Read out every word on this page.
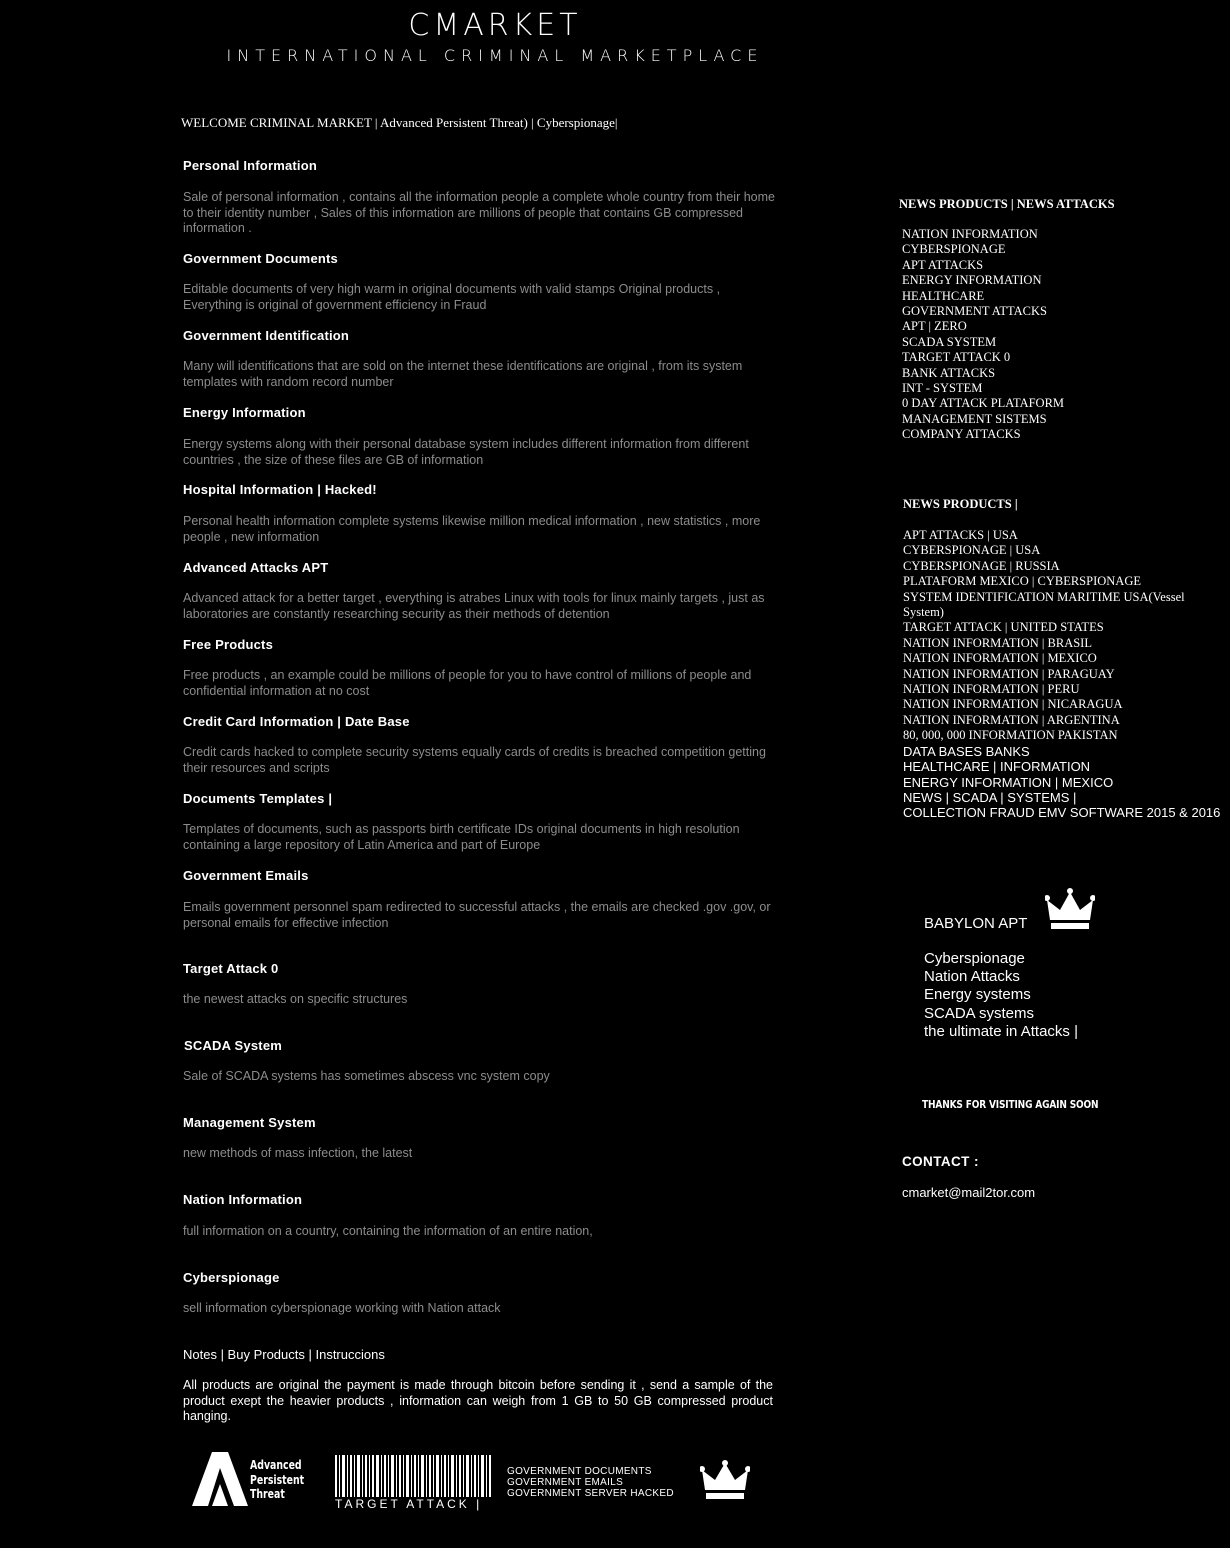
CMARKET
INTERNATIONAL CRIMINAL MARKETPLACE
WELCOME CRIMINAL MARKET | Advanced Persistent Threat) | Cyberspionage|
Personal Information
Sale of personal information , contains all the information people a complete whole country from their home to their identity number , Sales of this information are millions of people that contains GB compressed information .
Government Documents
Editable documents of very high warm in original documents with valid stamps Original products , Everything is original of government efficiency in Fraud
Government Identification
Many will identifications that are sold on the internet these identifications are original , from its system templates with random record number
Energy Information
Energy systems along with their personal database system includes different information from different countries , the size of these files are GB of information
Hospital Information | Hacked!
Personal health information complete systems likewise million medical information , new statistics , more people , new information
Advanced Attacks APT
Advanced attack for a better target , everything is atrabes Linux with tools for linux mainly targets , just as laboratories are constantly researching security as their methods of detention
Free Products
Free products , an example could be millions of people for you to have control of millions of people and confidential information at no cost
Credit Card Information | Date Base
Credit cards hacked to complete security systems equally cards of credits is breached competition getting their resources and scripts
Documents Templates |
Templates of documents, such as passports birth certificate IDs original documents in high resolution containing a large repository of Latin America and part of Europe
Government Emails
Emails government personnel spam redirected to successful attacks , the emails are checked .gov .gov, or personal emails for effective infection
Target Attack 0
the newest attacks on specific structures
SCADA System
Sale of SCADA systems has sometimes abscess vnc system copy
Management System
new methods of mass infection, the latest
Nation Information
full information on a country, containing the information of an entire nation,
Cyberspionage
sell information cyberspionage working with Nation attack
Notes | Buy Products | Instruccions
All products are original the payment is made through bitcoin before sending it , send a sample of the product exept the heavier products , information can weigh from 1 GB to 50 GB compressed product hanging.
NEWS PRODUCTS | NEWS ATTACKS
NATION INFORMATION
CYBERSPIONAGE
APT ATTACKS
ENERGY INFORMATION
HEALTHCARE
GOVERNMENT ATTACKS
APT | ZERO
SCADA SYSTEM
TARGET ATTACK 0
BANK ATTACKS
INT - SYSTEM
0 DAY ATTACK PLATAFORM
MANAGEMENT SISTEMS
COMPANY ATTACKS
NEWS PRODUCTS |
APT ATTACKS | USA
CYBERSPIONAGE | USA
CYBERSPIONAGE | RUSSIA
PLATAFORM MEXICO | CYBERSPIONAGE
SYSTEM IDENTIFICATION MARITIME USA(Vessel System)
TARGET ATTACK | UNITED STATES
NATION INFORMATION | BRASIL
NATION INFORMATION | MEXICO
NATION INFORMATION | PARAGUAY
NATION INFORMATION | PERU
NATION INFORMATION | NICARAGUA
NATION INFORMATION | ARGENTINA
80, 000, 000 INFORMATION PAKISTAN
DATA BASES BANKS
HEALTHCARE | INFORMATION
ENERGY INFORMATION | MEXICO
NEWS | SCADA | SYSTEMS |
COLLECTION FRAUD EMV SOFTWARE 2015 & 2016
BABYLON APT
Cyberspionage
Nation Attacks
Energy systems
SCADA systems
the ultimate in Attacks |
THANKS FOR VISITING AGAIN SOON
CONTACT :
cmarket@mail2tor.com
Advanced
Persistent
Threat
TARGET ATTACK |
GOVERNMENT DOCUMENTS
GOVERNMENT EMAILS
GOVERNMENT SERVER HACKED
